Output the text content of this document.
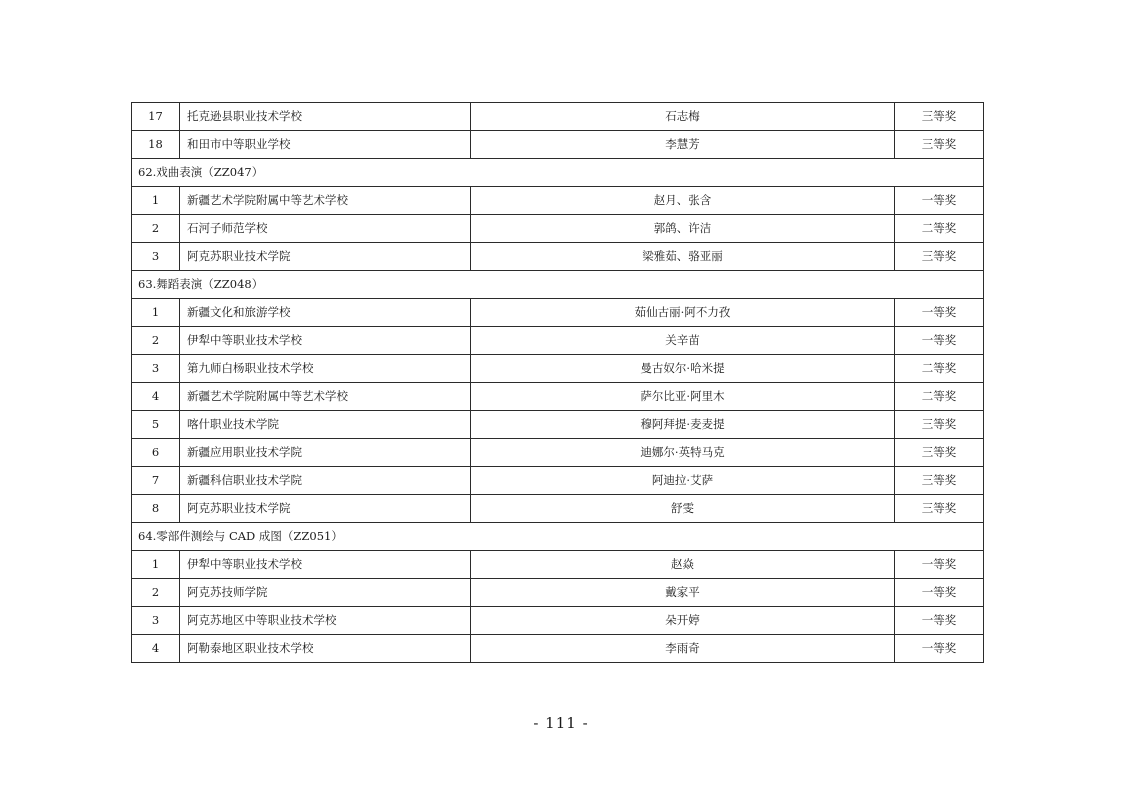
17	托克逊县职业技术学校	石志梅	三等奖
18	和田市中等职业学校	李慧芳	三等奖
62.戏曲表演（ZZ047）			
1	新疆艺术学院附属中等艺术学校	赵月、张含	一等奖
2	石河子师范学校	郭鸽、许洁	二等奖
3	阿克苏职业技术学院	梁雅茹、骆亚丽	三等奖
63.舞蹈表演（ZZ048）			
1	新疆文化和旅游学校	茹仙古丽·阿不力孜	一等奖
2	伊犁中等职业技术学校	关辛苗	一等奖
3	第九师白杨职业技术学校	曼古奴尔·哈米提	二等奖
4	新疆艺术学院附属中等艺术学校	萨尔比亚·阿里木	二等奖
5	喀什职业技术学院	穆阿拜提·麦麦提	三等奖
6	新疆应用职业技术学院	迪娜尔·英特马克	三等奖
7	新疆科信职业技术学院	阿迪拉·艾萨	三等奖
8	阿克苏职业技术学院	舒雯	三等奖
64.零部件测绘与 CAD 成图（ZZ051）			
1	伊犁中等职业技术学校	赵焱	一等奖
2	阿克苏技师学院	戴家平	一等奖
3	阿克苏地区中等职业技术学校	朵开婷	一等奖
4	阿勒泰地区职业技术学校	李雨奇	一等奖
- 111 -
